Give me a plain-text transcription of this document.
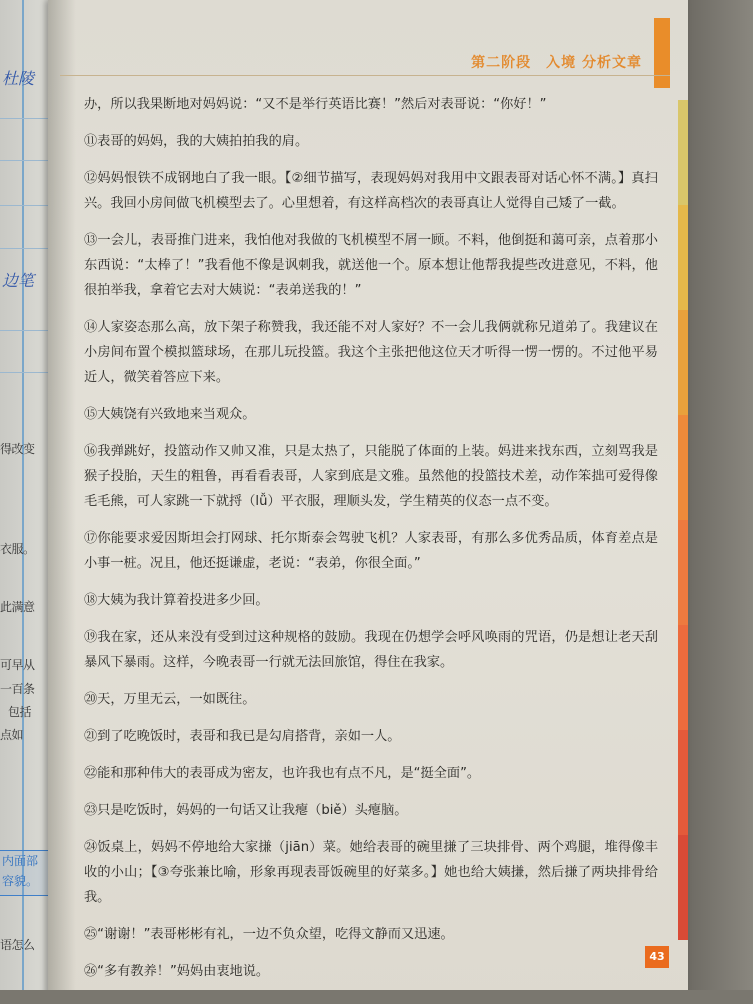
杜陵
边笔
得改变
衣服。
此满意
可早从
一百条
包括
点如
内面部
容貌。
语怎么
第二阶段　入境 分析文章

办，所以我果断地对妈妈说：“又不是举行英语比赛！”然后对表哥说：“你好！”

⑪表哥的妈妈，我的大姨拍拍我的肩。

⑫妈妈恨铁不成钢地白了我一眼。【②细节描写，表现妈妈对我用中文跟表哥对话心怀不满。】真扫兴。我回小房间做飞机模型去了。心里想着，有这样高档次的表哥真让人觉得自己矮了一截。

⑬一会儿，表哥推门进来，我怕他对我做的飞机模型不屑一顾。不料，他倒挺和蔼可亲，点着那小东西说：“太棒了！”我看他不像是讽刺我，就送他一个。原本想让他帮我提些改进意见，不料，他很拍举我，拿着它去对大姨说：“表弟送我的！”

⑭人家姿态那么高，放下架子称赞我，我还能不对人家好？不一会儿我俩就称兄道弟了。我建议在小房间布置个模拟篮球场，在那儿玩投篮。我这个主张把他这位天才听得一愣一愣的。不过他平易近人，微笑着答应下来。

⑮大姨饶有兴致地来当观众。

⑯我弹跳好，投篮动作又帅又准，只是太热了，只能脱了体面的上装。妈进来找东西，立刻骂我是猴子投胎，天生的粗鲁，再看看表哥，人家到底是文雅。虽然他的投篮技术差，动作笨拙可爱得像毛毛熊，可人家跳一下就捋（lǚ）平衣服，理顺头发，学生精英的仪态一点不变。

⑰你能要求爱因斯坦会打网球、托尔斯泰会驾驶飞机？人家表哥，有那么多优秀品质，体育差点是小事一桩。况且，他还挺谦虚，老说：“表弟，你很全面。”

⑱大姨为我计算着投进多少回。

⑲我在家，还从来没有受到过这种规格的鼓励。我现在仍想学会呼风唤雨的咒语，仍是想让老天刮暴风下暴雨。这样，今晚表哥一行就无法回旅馆，得住在我家。

⑳天，万里无云，一如既往。

㉑到了吃晚饭时，表哥和我已是勾肩搭背，亲如一人。

㉒能和那种伟大的表哥成为密友，也许我也有点不凡，是“挺全面”。

㉓只是吃饭时，妈妈的一句话又让我瘪（biě）头瘪脑。

㉔饭桌上，妈妈不停地给大家搛（jiān）菜。她给表哥的碗里搛了三块排骨、两个鸡腿，堆得像丰收的小山；【③夸张兼比喻，形象再现表哥饭碗里的好菜多。】她也给大姨搛，然后搛了两块排骨给我。

㉕“谢谢！”表哥彬彬有礼，一边不负众望，吃得文静而又迅速。

㉖“多有教养！”妈妈由衷地说。

43
